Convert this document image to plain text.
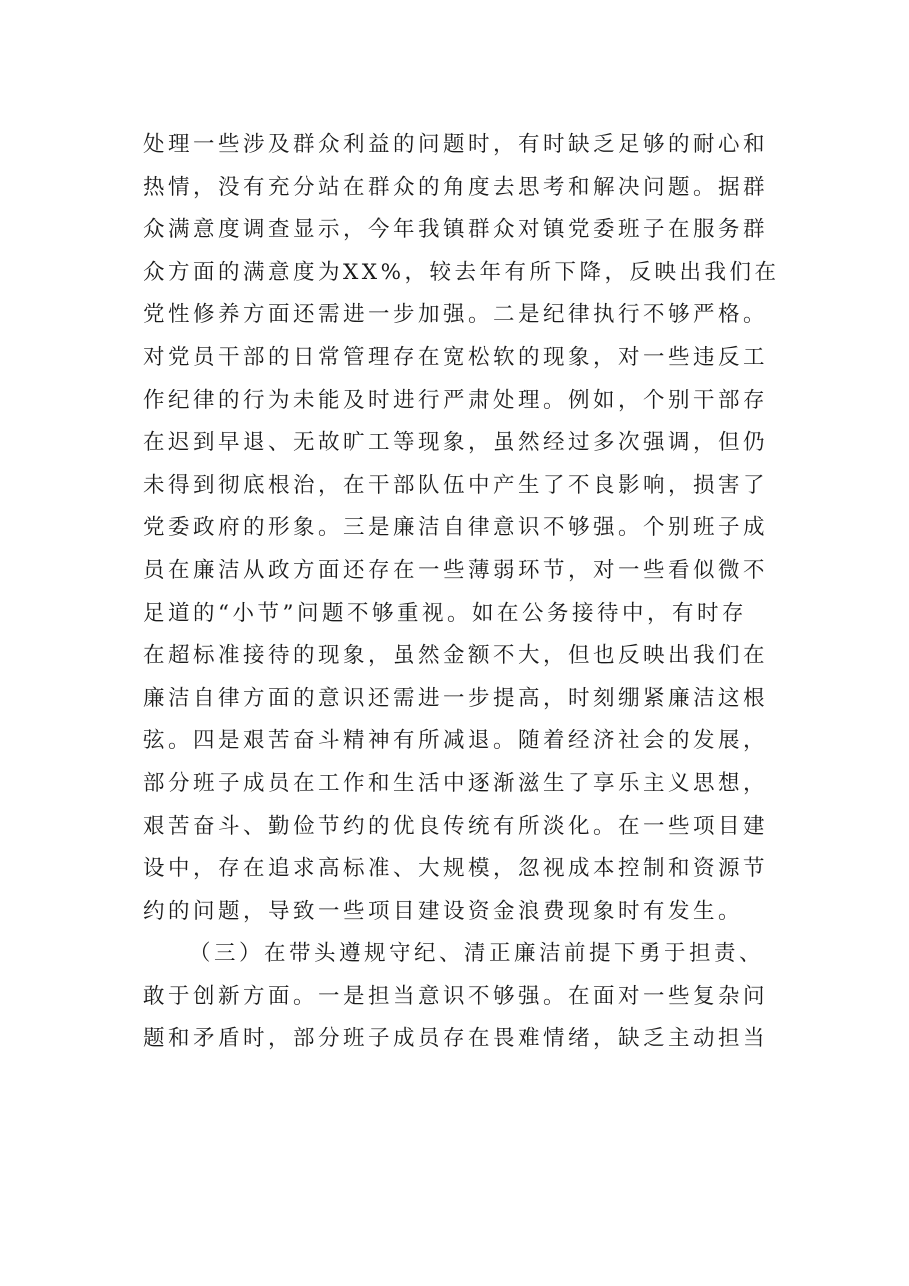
处理一些涉及群众利益的问题时，有时缺乏足够的耐心和
热情，没有充分站在群众的角度去思考和解决问题。据群
众满意度调查显示，今年我镇群众对镇党委班子在服务群
众方面的满意度为XX%，较去年有所下降，反映出我们在
党性修养方面还需进一步加强。二是纪律执行不够严格。
对党员干部的日常管理存在宽松软的现象，对一些违反工
作纪律的行为未能及时进行严肃处理。例如，个别干部存
在迟到早退、无故旷工等现象，虽然经过多次强调，但仍
未得到彻底根治，在干部队伍中产生了不良影响，损害了
党委政府的形象。三是廉洁自律意识不够强。个别班子成
员在廉洁从政方面还存在一些薄弱环节，对一些看似微不
足道的“小节”问题不够重视。如在公务接待中，有时存
在超标准接待的现象，虽然金额不大，但也反映出我们在
廉洁自律方面的意识还需进一步提高，时刻绷紧廉洁这根
弦。四是艰苦奋斗精神有所减退。随着经济社会的发展，
部分班子成员在工作和生活中逐渐滋生了享乐主义思想，
艰苦奋斗、勤俭节约的优良传统有所淡化。在一些项目建
设中，存在追求高标准、大规模，忽视成本控制和资源节
约的问题，导致一些项目建设资金浪费现象时有发生。
（三）在带头遵规守纪、清正廉洁前提下勇于担责、
敢于创新方面。一是担当意识不够强。在面对一些复杂问
题和矛盾时，部分班子成员存在畏难情绪，缺乏主动担当
